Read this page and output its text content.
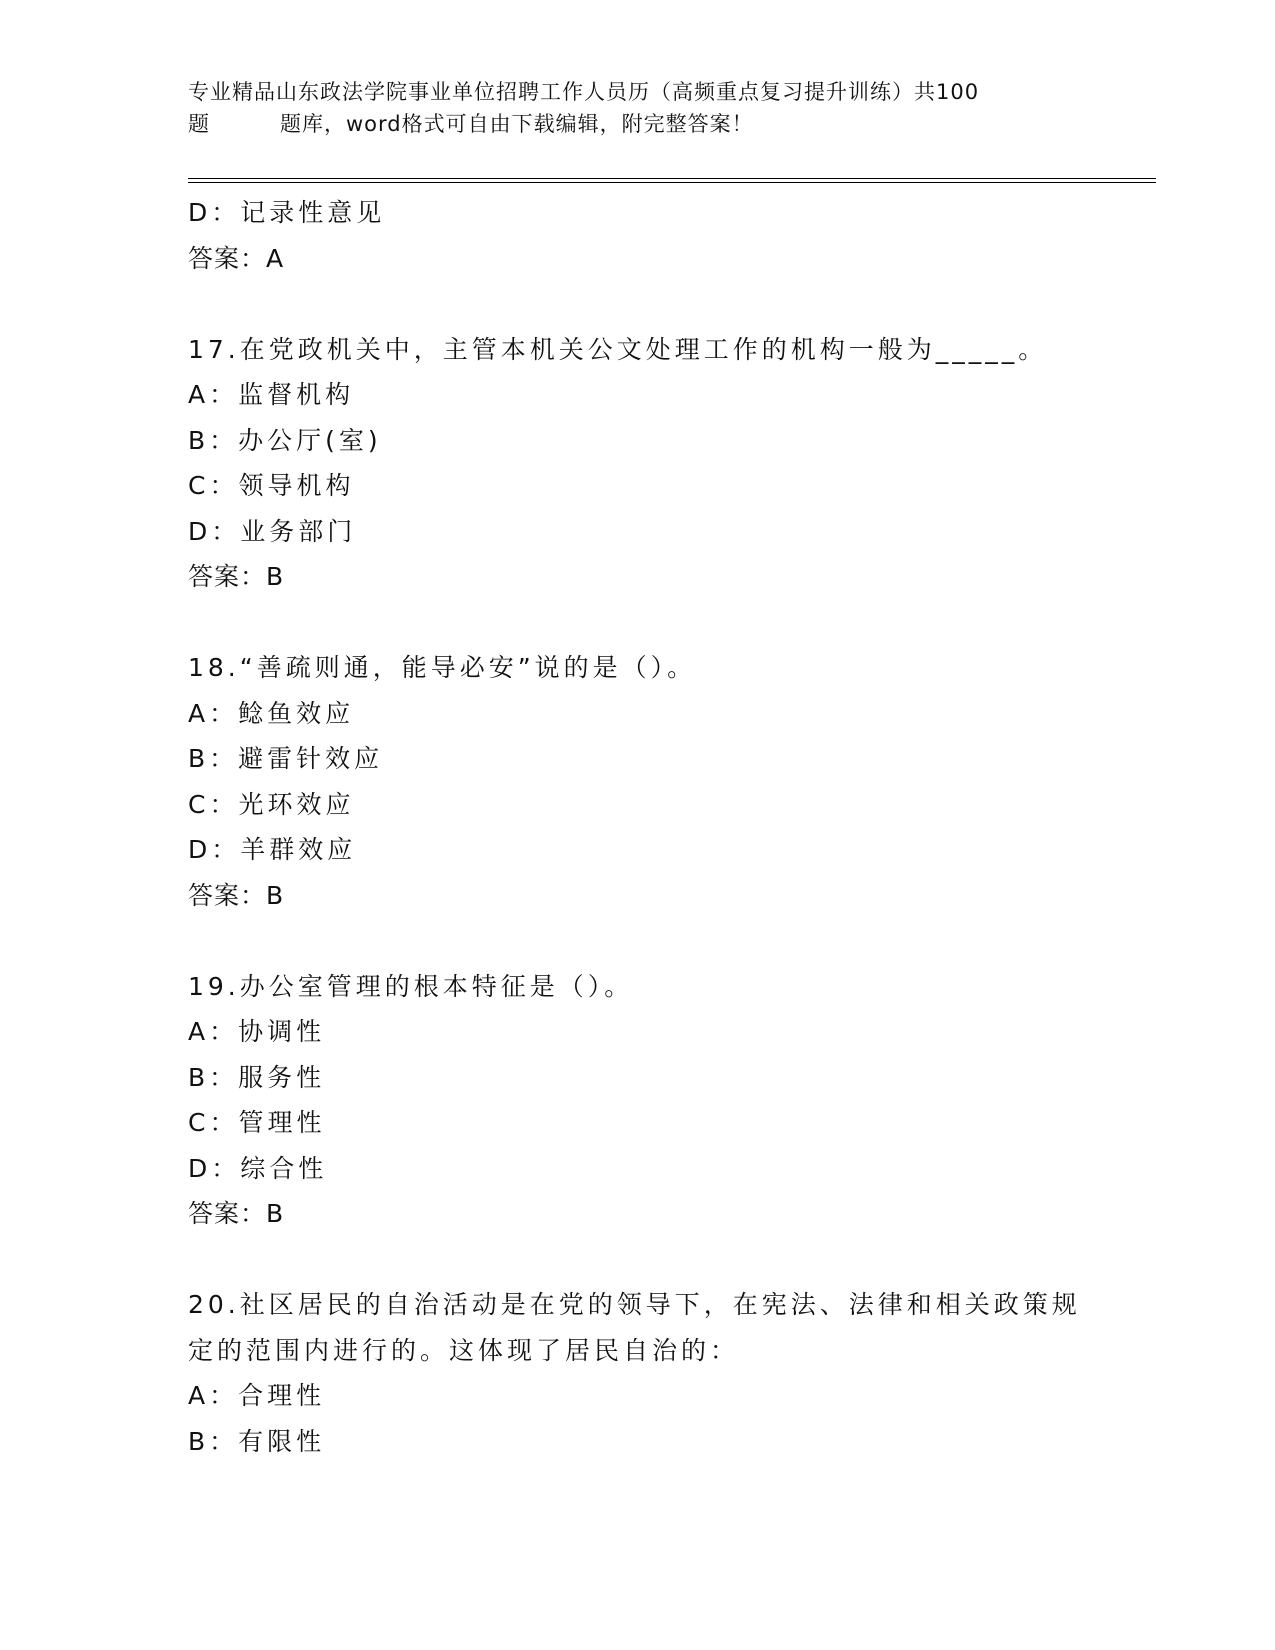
专业精品山东政法学院事业单位招聘工作人员历（高频重点复习提升训练）共100
题	题库，word格式可自由下载编辑，附完整答案！
D：记录性意见
答案：A
17.在党政机关中，主管本机关公文处理工作的机构一般为_____。
A：监督机构
B：办公厅(室)
C：领导机构
D：业务部门
答案：B
18.“善疏则通，能导必安”说的是（）。
A：鲶鱼效应
B：避雷针效应
C：光环效应
D：羊群效应
答案：B
19.办公室管理的根本特征是（）。
A：协调性
B：服务性
C：管理性
D：综合性
答案：B
20.社区居民的自治活动是在党的领导下，在宪法、法律和相关政策规
定的范围内进行的。这体现了居民自治的：
A：合理性
B：有限性
